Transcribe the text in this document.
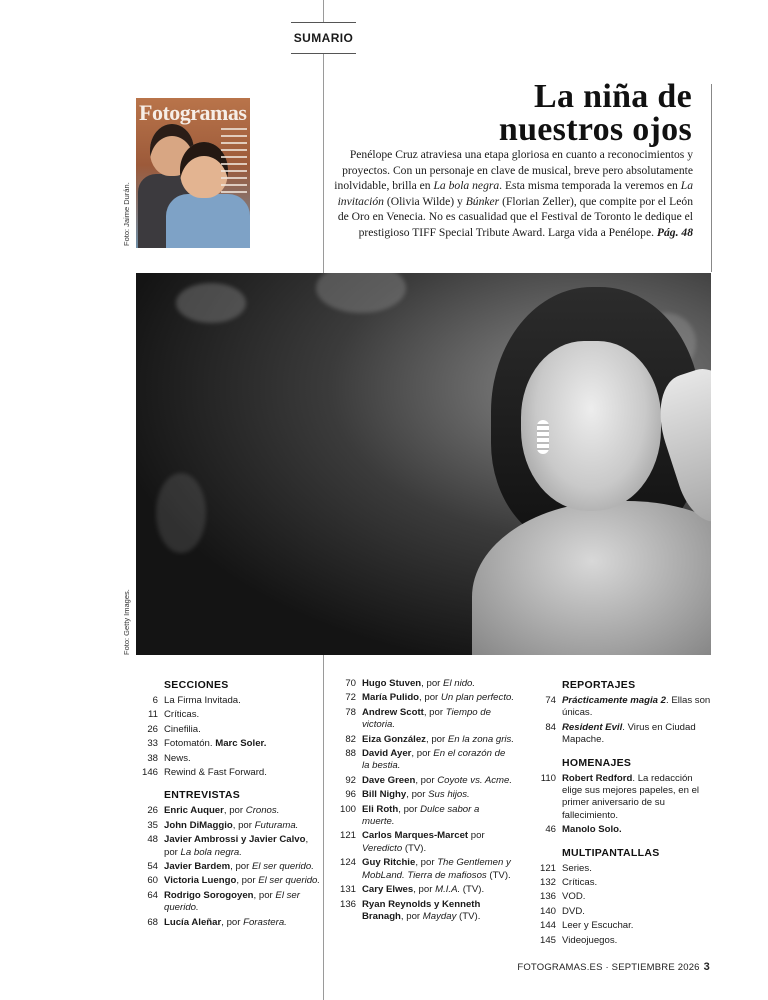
SUMARIO
Fotogramas
Foto: Jaime Durán.
La niña de
nuestros ojos
Penélope Cruz atraviesa una etapa gloriosa en cuanto a reconocimientos y proyectos. Con un personaje en clave de musical, breve pero absolutamente inolvidable, brilla en La bola negra. Esta misma temporada la veremos en La invitación (Olivia Wilde) y Búnker (Florian Zeller), que compite por el León de Oro en Venecia. No es casualidad que el Festival de Toronto le dedique el prestigioso TIFF Special Tribute Award. Larga vida a Penélope. Pág. 48
Foto: Getty Images.
SECCIONES
6 La Firma Invitada.
11 Críticas.
26 Cinefilia.
33 Fotomatón. Marc Soler.
38 News.
146 Rewind & Fast Forward.
ENTREVISTAS
26 Enric Auquer, por Cronos.
35 John DiMaggio, por Futurama.
48 Javier Ambrossi y Javier Calvo, por La bola negra.
54 Javier Bardem, por El ser querido.
60 Victoria Luengo, por El ser querido.
64 Rodrigo Sorogoyen, por El ser querido.
68 Lucía Aleñar, por Forastera.
70 Hugo Stuven, por El nido.
72 María Pulido, por Un plan perfecto.
78 Andrew Scott, por Tiempo de victoria.
82 Eiza González, por En la zona gris.
88 David Ayer, por En el corazón de la bestia.
92 Dave Green, por Coyote vs. Acme.
96 Bill Nighy, por Sus hijos.
100 Eli Roth, por Dulce sabor a muerte.
121 Carlos Marques-Marcet por Veredicto (TV).
124 Guy Ritchie, por The Gentlemen y MobLand. Tierra de mafiosos (TV).
131 Cary Elwes, por M.I.A. (TV).
136 Ryan Reynolds y Kenneth Branagh, por Mayday (TV).
REPORTAJES
74 Prácticamente magia 2. Ellas son únicas.
84 Resident Evil. Virus en Ciudad Mapache.
HOMENAJES
110 Robert Redford. La redacción elige sus mejores papeles, en el primer aniversario de su fallecimiento.
46 Manolo Solo.
MULTIPANTALLAS
121 Series.
132 Críticas.
136 VOD.
140 DVD.
144 Leer y Escuchar.
145 Videojuegos.
FOTOGRAMAS.ES · SEPTIEMBRE 2026 3
